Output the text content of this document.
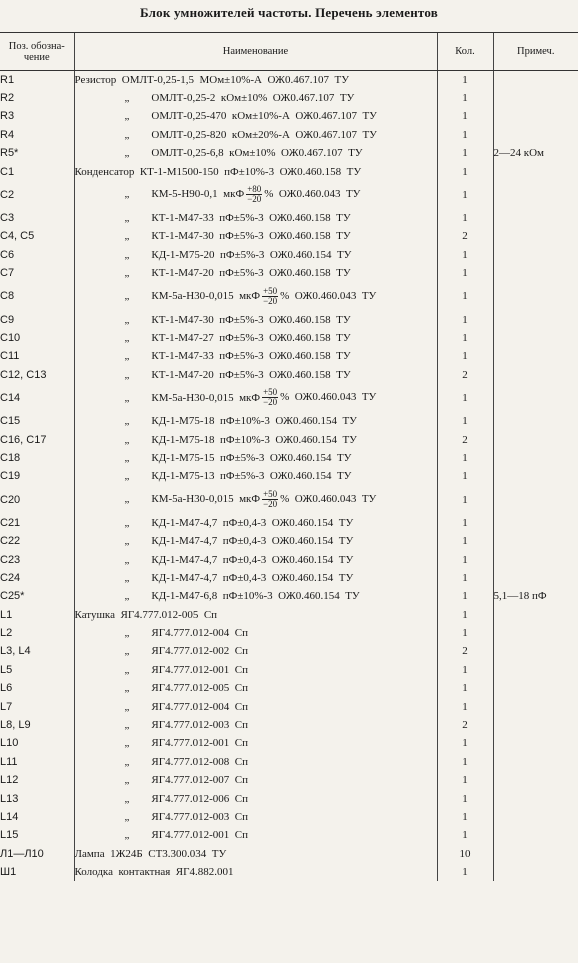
Блок умножителей частоты. Перечень элементов
Поз. обозна-чение	Наименование	Кол.	Примеч.
R1	Резистор  ОМЛТ-0,25-1,5  МОм±10%-А  ОЖ0.467.107  ТУ	1	
R2	„        ОМЛТ-0,25-2  кОм±10%  ОЖ0.467.107  ТУ	1	
R3	„        ОМЛТ-0,25-470  кОм±10%-А  ОЖ0.467.107  ТУ	1	
R4	„        ОМЛТ-0,25-820  кОм±20%-А  ОЖ0.467.107  ТУ	1	
R5*	„        ОМЛТ-0,25-6,8  кОм±10%  ОЖ0.467.107  ТУ	1	2—24 кОм
C1	Конденсатор  КТ-1-М1500-150  пФ±10%-3  ОЖ0.460.158  ТУ	1	
C2	„        КМ-5-Н90-0,1  мкФ $\frac{+80}{-20}$ %  ОЖ0.460.043  ТУ	1	
C3	„        КТ-1-М47-33  пФ±5%-3  ОЖ0.460.158  ТУ	1	
C4, C5	„        КТ-1-М47-30  пФ±5%-3  ОЖ0.460.158  ТУ	2	
C6	„        КД-1-М75-20  пФ±5%-3  ОЖ0.460.154  ТУ	1	
C7	„        КТ-1-М47-20  пФ±5%-3  ОЖ0.460.158  ТУ	1	
C8	„        КМ-5а-Н30-0,015  мкФ $\frac{+50}{-20}$ %  ОЖ0.460.043  ТУ	1	
C9	„        КТ-1-М47-30  пФ±5%-3  ОЖ0.460.158  ТУ	1	
C10	„        КТ-1-М47-27  пФ±5%-3  ОЖ0.460.158  ТУ	1	
C11	„        КТ-1-М47-33  пФ±5%-3  ОЖ0.460.158  ТУ	1	
C12, C13	„        КТ-1-М47-20  пФ±5%-3  ОЖ0.460.158  ТУ	2	
C14	„        КМ-5а-Н30-0,015  мкФ $\frac{+50}{-20}$ %  ОЖ0.460.043  ТУ	1	
C15	„        КД-1-М75-18  пФ±10%-3  ОЖ0.460.154  ТУ	1	
C16, C17	„        КД-1-М75-18  пФ±10%-3  ОЖ0.460.154  ТУ	2	
C18	„        КД-1-М75-15  пФ±5%-3  ОЖ0.460.154  ТУ	1	
C19	„        КД-1-М75-13  пФ±5%-3  ОЖ0.460.154  ТУ	1	
C20	„        КМ-5а-Н30-0,015  мкФ $\frac{+50}{-20}$ %  ОЖ0.460.043  ТУ	1	
C21	„        КД-1-М47-4,7  пФ±0,4-3  ОЖ0.460.154  ТУ	1	
C22	„        КД-1-М47-4,7  пФ±0,4-3  ОЖ0.460.154  ТУ	1	
C23	„        КД-1-М47-4,7  пФ±0,4-3  ОЖ0.460.154  ТУ	1	
C24	„        КД-1-М47-4,7  пФ±0,4-3  ОЖ0.460.154  ТУ	1	
C25*	„        КД-1-М47-6,8  пФ±10%-3  ОЖ0.460.154  ТУ	1	5,1—18 пФ
L1	Катушка  ЯГ4.777.012-005  Сп	1	
L2	„        ЯГ4.777.012-004  Сп	1	
L3, L4	„        ЯГ4.777.012-002  Сп	2	
L5	„        ЯГ4.777.012-001  Сп	1	
L6	„        ЯГ4.777.012-005  Сп	1	
L7	„        ЯГ4.777.012-004  Сп	1	
L8, L9	„        ЯГ4.777.012-003  Сп	2	
L10	„        ЯГ4.777.012-001  Сп	1	
L11	„        ЯГ4.777.012-008  Сп	1	
L12	„        ЯГ4.777.012-007  Сп	1	
L13	„        ЯГ4.777.012-006  Сп	1	
L14	„        ЯГ4.777.012-003  Сп	1	
L15	„        ЯГ4.777.012-001  Сп	1	
Л1—Л10	Лампа  1Ж24Б  СТ3.300.034  ТУ	10	
Ш1	Колодка  контактная  ЯГ4.882.001	1	
